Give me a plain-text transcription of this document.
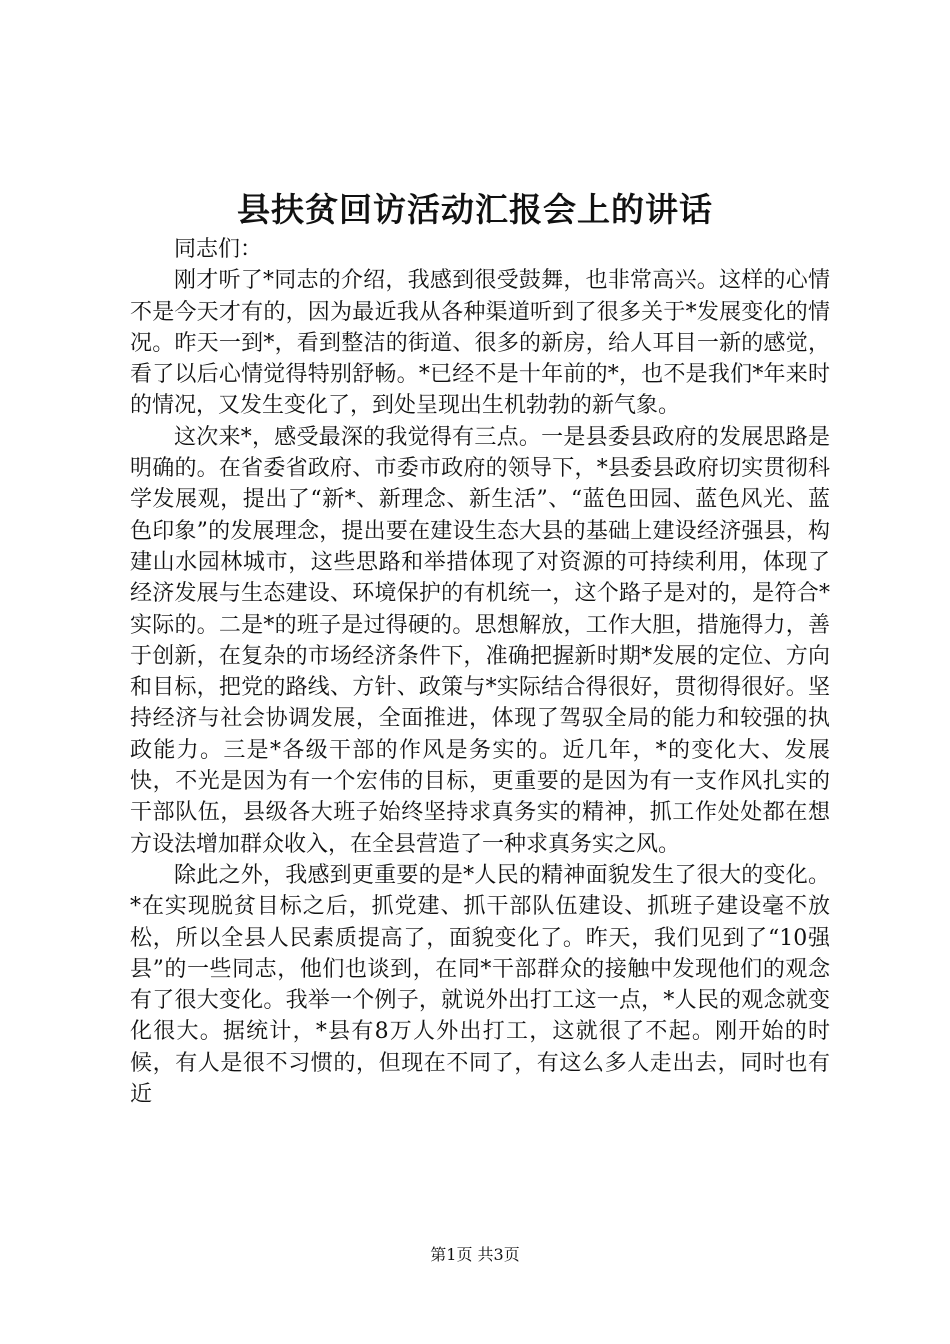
县扶贫回访活动汇报会上的讲话

同志们：

刚才听了*同志的介绍，我感到很受鼓舞，也非常高兴。这样的心情不是今天才有的，因为最近我从各种渠道听到了很多关于*发展变化的情况。昨天一到*，看到整洁的街道、很多的新房，给人耳目一新的感觉，看了以后心情觉得特别舒畅。*已经不是十年前的*，也不是我们*年来时的情况，又发生变化了，到处呈现出生机勃勃的新气象。

这次来*，感受最深的我觉得有三点。一是县委县政府的发展思路是明确的。在省委省政府、市委市政府的领导下，*县委县政府切实贯彻科学发展观，提出了“新*、新理念、新生活”、“蓝色田园、蓝色风光、蓝色印象”的发展理念，提出要在建设生态大县的基础上建设经济强县，构建山水园林城市，这些思路和举措体现了对资源的可持续利用，体现了经济发展与生态建设、环境保护的有机统一，这个路子是对的，是符合*实际的。二是*的班子是过得硬的。思想解放，工作大胆，措施得力，善于创新，在复杂的市场经济条件下，准确把握新时期*发展的定位、方向和目标，把党的路线、方针、政策与*实际结合得很好，贯彻得很好。坚持经济与社会协调发展，全面推进，体现了驾驭全局的能力和较强的执政能力。三是*各级干部的作风是务实的。近几年，*的变化大、发展快，不光是因为有一个宏伟的目标，更重要的是因为有一支作风扎实的干部队伍，县级各大班子始终坚持求真务实的精神，抓工作处处都在想方设法增加群众收入，在全县营造了一种求真务实之风。

除此之外，我感到更重要的是*人民的精神面貌发生了很大的变化。*在实现脱贫目标之后，抓党建、抓干部队伍建设、抓班子建设毫不放松，所以全县人民素质提高了，面貌变化了。昨天，我们见到了“10强县”的一些同志，他们也谈到，在同*干部群众的接触中发现他们的观念有了很大变化。我举一个例子，就说外出打工这一点，*人民的观念就变化很大。据统计，*县有8万人外出打工，这就很了不起。刚开始的时候，有人是很不习惯的，但现在不同了，有这么多人走出去，同时也有近

第1页 共3页
